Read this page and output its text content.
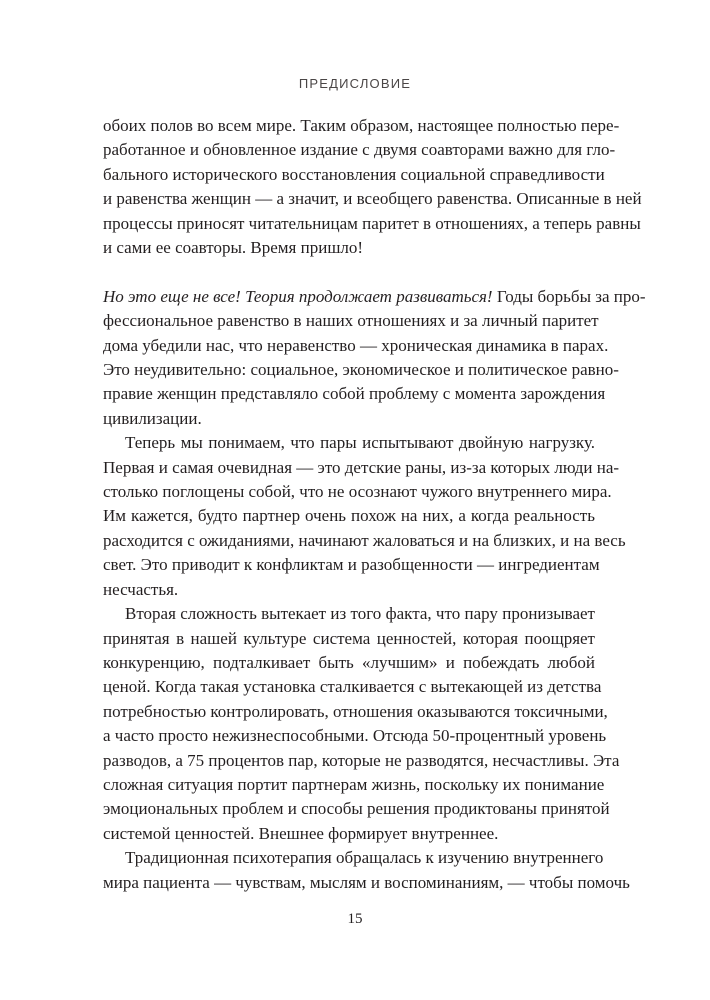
ПРЕДИСЛОВИЕ

обоих полов во всем мире. Таким образом, настоящее полностью пере-
работанное и обновленное издание с двумя соавторами важно для гло-
бального исторического восстановления социальной справедливости
и равенства женщин — а значит, и всеобщего равенства. Описанные в ней
процессы приносят читательницам паритет в отношениях, а теперь равны
и сами ее соавторы. Время пришло!

Но это еще не все! Теория продолжает развиваться! Годы борьбы за про-
фессиональное равенство в наших отношениях и за личный паритет
дома убедили нас, что неравенство — хроническая динамика в парах.
Это неудивительно: социальное, экономическое и политическое равно-
правие женщин представляло собой проблему с момента зарождения
цивилизации.

Теперь мы понимаем, что пары испытывают двойную нагрузку.
Первая и самая очевидная — это детские раны, из-за которых люди на-
столько поглощены собой, что не осознают чужого внутреннего мира.
Им кажется, будто партнер очень похож на них, а когда реальность
расходится с ожиданиями, начинают жаловаться и на близких, и на весь
свет. Это приводит к конфликтам и разобщенности — ингредиентам
несчастья.

Вторая сложность вытекает из того факта, что пару пронизывает
принятая в нашей культуре система ценностей, которая поощряет
конкуренцию, подталкивает быть «лучшим» и побеждать любой
ценой. Когда такая установка сталкивается с вытекающей из детства
потребностью контролировать, отношения оказываются токсичными,
а часто просто нежизнеспособными. Отсюда 50-процентный уровень
разводов, а 75 процентов пар, которые не разводятся, несчастливы. Эта
сложная ситуация портит партнерам жизнь, поскольку их понимание
эмоциональных проблем и способы решения продиктованы принятой
системой ценностей. Внешнее формирует внутреннее.

Традиционная психотерапия обращалась к изучению внутреннего
мира пациента — чувствам, мыслям и воспоминаниям, — чтобы помочь

15
